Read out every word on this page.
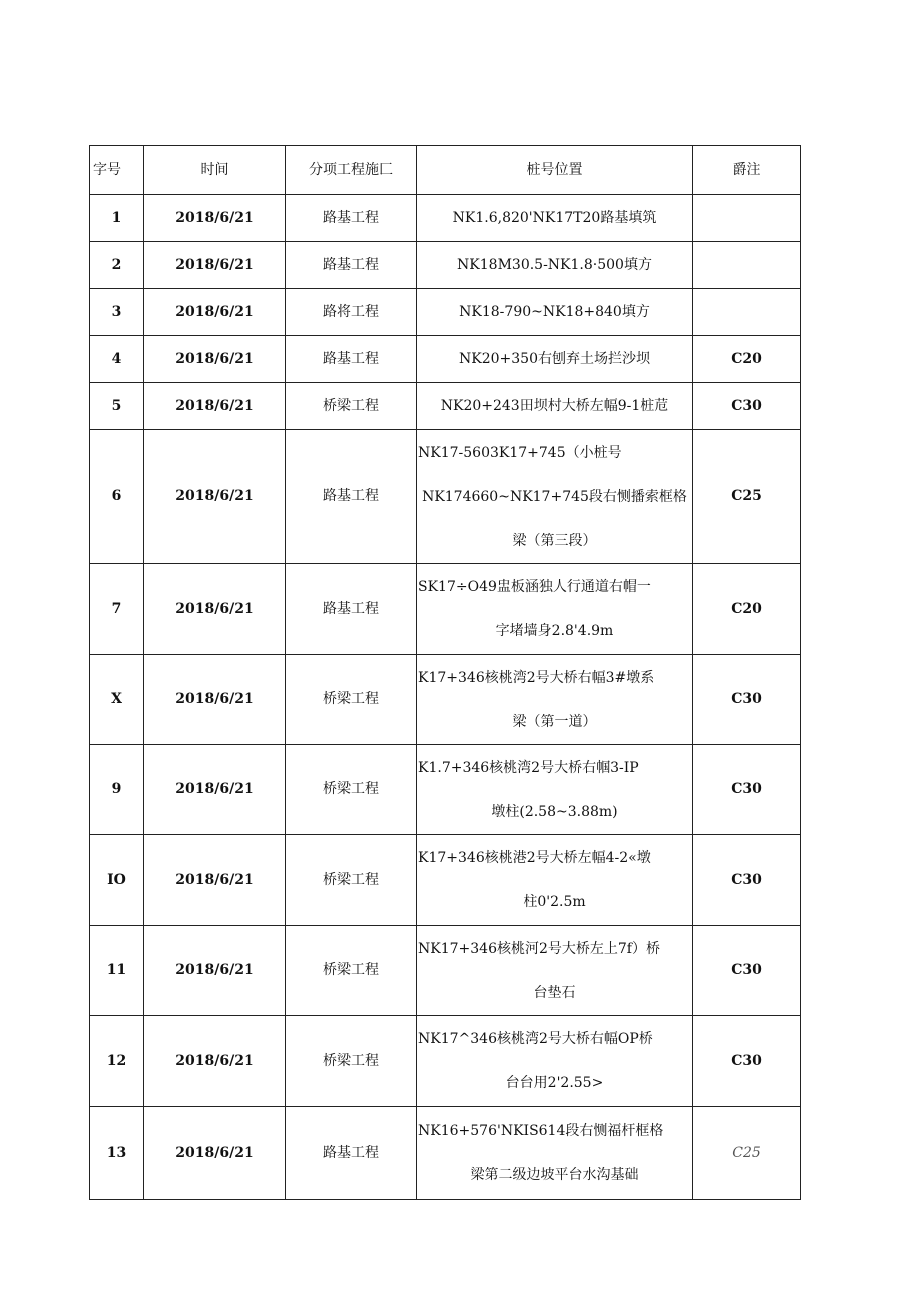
字号	时间	分项工程施匚	桩号位置	爵注
1	2018/6/21	路基工程	NK1.6,820'NK17T20路基填筑	

2	2018/6/21	路基工程	NK18M30.5-NK1.8·500填方	

3	2018/6/21	路将工程	NK18-790~NK18+840填方	

4	2018/6/21	路基工程	NK20+350右刨弃土场拦沙坝	C20
5	2018/6/21	桥梁工程	NK20+243田坝村大桥左幅9-1桩苊	C30
6	2018/6/21	路基工程	NK17-5603K17+745（小桩号
NK174660~NK17+745段右恻播索框格
梁（第三段）	C25
7	2018/6/21	路基工程	SK17÷O49盅板涵独人行通道右帽一
字堵墙身2.8'4.9m	C20
X	2018/6/21	桥梁工程	K17+346核桃湾2号大桥右幅3#墩系
梁（第一道）	C30
9	2018/6/21	桥梁工程	K1.7+346核桃湾2号大桥右帼3-IP
墩柱(2.58~3.88m)	C30
IO	2018/6/21	桥梁工程	K17+346核桃港2号大桥左幅4-2«墩
柱0'2.5m	C30
11	2018/6/21	桥梁工程	NK17+346核桃河2号大桥左上7f）桥
台垫石	C30
12	2018/6/21	桥梁工程	NK17^346核桃湾2号大桥右幅OP桥
台台用2'2.55>	C30
13	2018/6/21	路基工程	NK16+576'NKIS614段右恻福杆框格
梁第二级边坡平台水沟基础	C25
